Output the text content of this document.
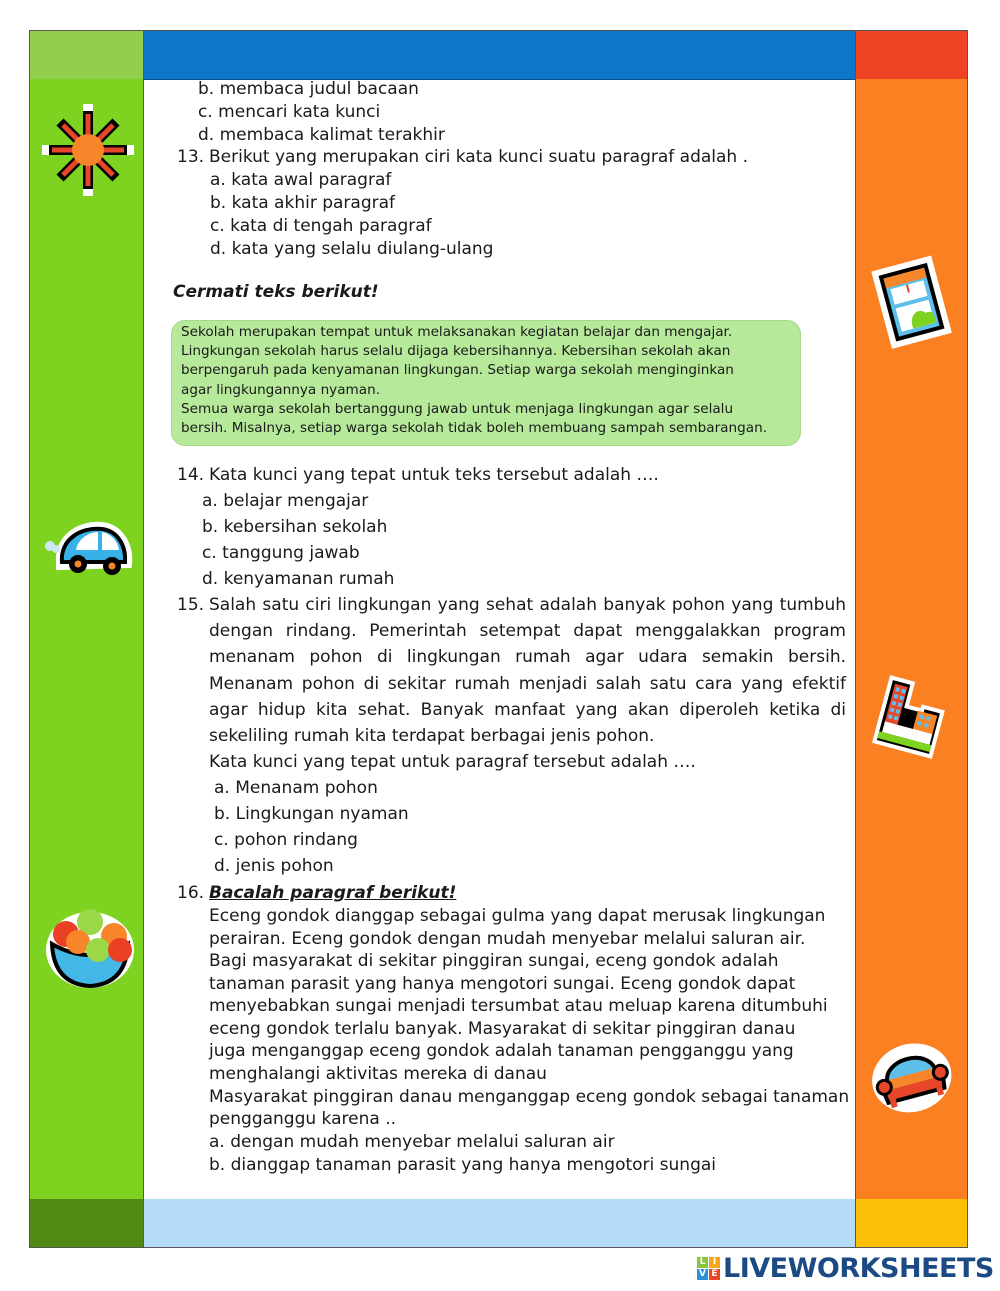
b. membaca judul bacaan
c. mencari kata kunci
d. membaca kalimat terakhir
13. Berikut yang merupakan ciri kata kunci suatu paragraf adalah .
a. kata awal paragraf
b. kata akhir paragraf
c. kata di tengah paragraf
d. kata yang selalu diulang-ulang
Cermati teks berikut!
Sekolah merupakan tempat untuk melaksanakan kegiatan belajar dan mengajar.
Lingkungan sekolah harus selalu dijaga kebersihannya. Kebersihan sekolah akan
berpengaruh pada kenyamanan lingkungan. Setiap warga sekolah menginginkan
agar lingkungannya nyaman.
Semua warga sekolah bertanggung jawab untuk menjaga lingkungan agar selalu
bersih. Misalnya, setiap warga sekolah tidak boleh membuang sampah sembarangan.
14. Kata kunci yang tepat untuk teks tersebut adalah ….
a. belajar mengajar
b. kebersihan sekolah
c. tanggung jawab
d. kenyamanan rumah
15. Salah satu ciri lingkungan yang sehat adalah banyak pohon yang tumbuh dengan rindang. Pemerintah setempat dapat menggalakkan program menanam pohon di lingkungan rumah agar udara semakin bersih. Menanam pohon di sekitar rumah menjadi salah satu cara yang efektif agar hidup kita sehat. Banyak manfaat yang akan diperoleh ketika di sekeliling rumah kita terdapat berbagai jenis pohon.
Kata kunci yang tepat untuk paragraf tersebut adalah ….
a. Menanam pohon
b. Lingkungan nyaman
c. pohon rindang
d. jenis pohon
16. Bacalah paragraf berikut!
Eceng gondok dianggap sebagai gulma yang dapat merusak lingkungan
perairan. Eceng gondok dengan mudah menyebar melalui saluran air.
Bagi masyarakat di sekitar pinggiran sungai, eceng gondok adalah
tanaman parasit yang hanya mengotori sungai. Eceng gondok dapat
menyebabkan sungai menjadi tersumbat atau meluap karena ditumbuhi
eceng gondok terlalu banyak. Masyarakat di sekitar pinggiran danau
juga menganggap eceng gondok adalah tanaman pengganggu yang
menghalangi aktivitas mereka di danau
Masyarakat pinggiran danau menganggap eceng gondok sebagai tanaman
pengganggu karena ..
a. dengan mudah menyebar melalui saluran air
b. dianggap tanaman parasit yang hanya mengotori sungai
L I
V E LIVEWORKSHEETS
